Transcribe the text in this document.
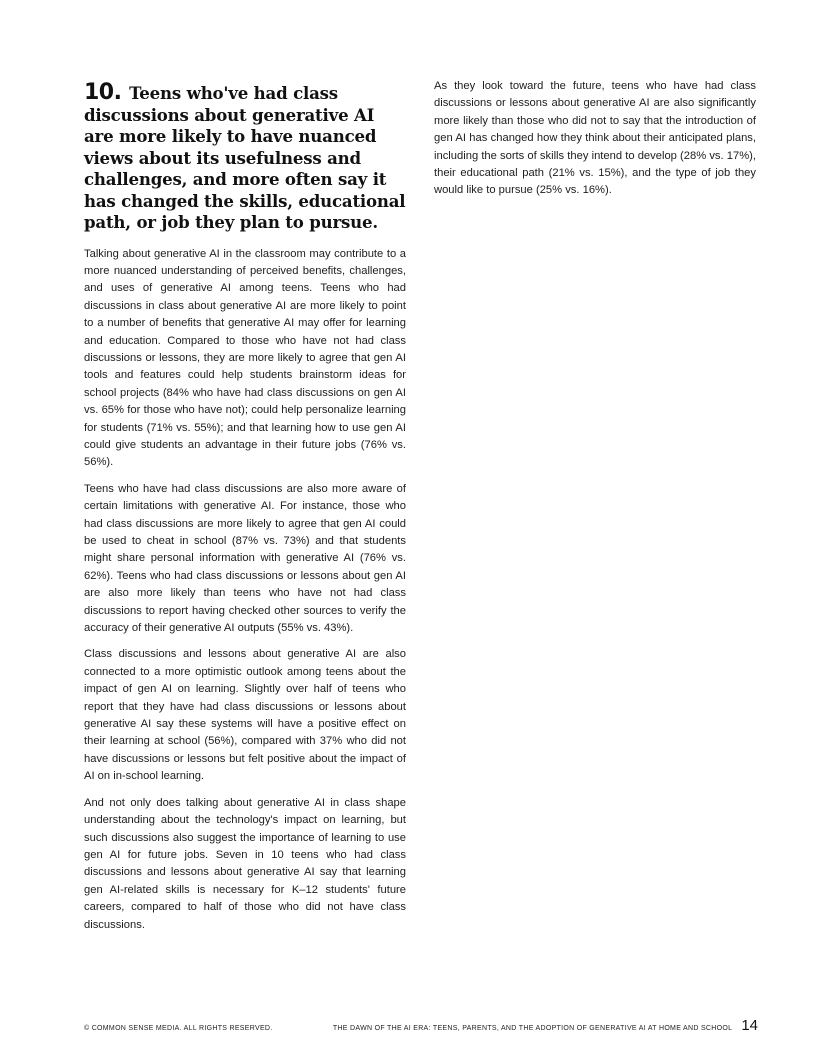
10. Teens who've had class discussions about generative AI are more likely to have nuanced views about its usefulness and challenges, and more often say it has changed the skills, educational path, or job they plan to pursue.

Talking about generative AI in the classroom may contribute to a more nuanced understanding of perceived benefits, challenges, and uses of generative AI among teens. Teens who had discussions in class about generative AI are more likely to point to a number of benefits that generative AI may offer for learning and education. Compared to those who have not had class discussions or lessons, they are more likely to agree that gen AI tools and features could help students brainstorm ideas for school projects (84% who have had class discussions on gen AI vs. 65% for those who have not); could help personalize learning for students (71% vs. 55%); and that learning how to use gen AI could give students an advantage in their future jobs (76% vs. 56%).

Teens who have had class discussions are also more aware of certain limitations with generative AI. For instance, those who had class discussions are more likely to agree that gen AI could be used to cheat in school (87% vs. 73%) and that students might share personal information with generative AI (76% vs. 62%). Teens who had class discussions or lessons about gen AI are also more likely than teens who have not had class discussions to report having checked other sources to verify the accuracy of their generative AI outputs (55% vs. 43%).

Class discussions and lessons about generative AI are also connected to a more optimistic outlook among teens about the impact of gen AI on learning. Slightly over half of teens who report that they have had class discussions or lessons about generative AI say these systems will have a positive effect on their learning at school (56%), compared with 37% who did not have discussions or lessons but felt positive about the impact of AI on in-school learning.

And not only does talking about generative AI in class shape understanding about the technology's impact on learning, but such discussions also suggest the importance of learning to use gen AI for future jobs. Seven in 10 teens who had class discussions and lessons about generative AI say that learning gen AI-related skills is necessary for K–12 students' future careers, compared to half of those who did not have class discussions.

As they look toward the future, teens who have had class discussions or lessons about generative AI are also significantly more likely than those who did not to say that the introduction of gen AI has changed how they think about their anticipated plans, including the sorts of skills they intend to develop (28% vs. 17%), their educational path (21% vs. 15%), and the type of job they would like to pursue (25% vs. 16%).

© COMMON SENSE MEDIA. ALL RIGHTS RESERVED.	THE DAWN OF THE AI ERA: TEENS, PARENTS, AND THE ADOPTION OF GENERATIVE AI AT HOME AND SCHOOL 14
